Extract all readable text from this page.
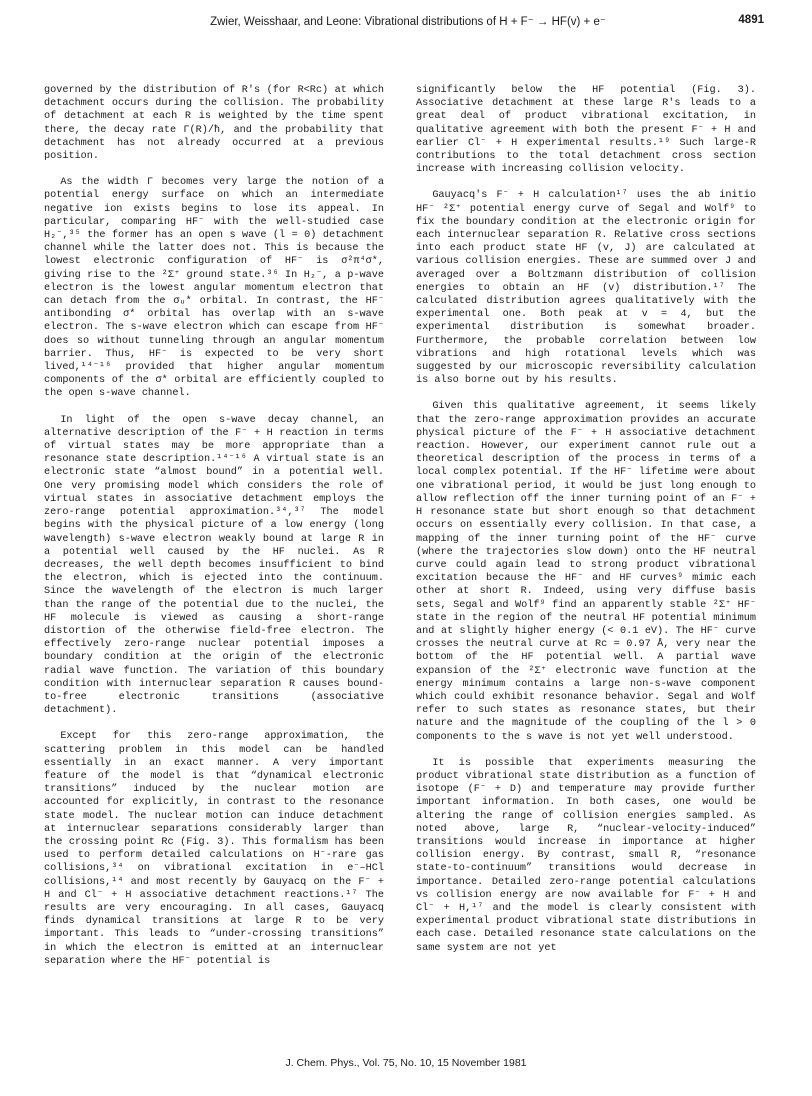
Zwier, Weisshaar, and Leone: Vibrational distributions of H + F⁻ → HF(v) + e⁻	4891

governed by the distribution of R's (for R<Rc) at which detachment occurs during the collision. The probability of detachment at each R is weighted by the time spent there, the decay rate Γ(R)/ħ, and the probability that detachment has not already occurred at a previous position.

As the width Γ becomes very large the notion of a potential energy surface on which an intermediate negative ion exists begins to lose its appeal. In particular, comparing HF⁻ with the well-studied case H₂⁻,³⁵ the former has an open s wave (l = 0) detachment channel while the latter does not. This is because the lowest electronic configuration of HF⁻ is σ²π⁴σ*, giving rise to the ²Σ⁺ ground state.³⁶ In H₂⁻, a p-wave electron is the lowest angular momentum electron that can detach from the σᵤ* orbital. In contrast, the HF⁻ antibonding σ* orbital has overlap with an s-wave electron. The s-wave electron which can escape from HF⁻ does so without tunneling through an angular momentum barrier. Thus, HF⁻ is expected to be very short lived,¹⁴⁻¹⁶ provided that higher angular momentum components of the σ* orbital are efficiently coupled to the open s-wave channel.

In light of the open s-wave decay channel, an alternative description of the F⁻ + H reaction in terms of virtual states may be more appropriate than a resonance state description.¹⁴⁻¹⁶ A virtual state is an electronic state “almost bound” in a potential well. One very promising model which considers the role of virtual states in associative detachment employs the zero-range potential approximation.³⁴,³⁷ The model begins with the physical picture of a low energy (long wavelength) s-wave electron weakly bound at large R in a potential well caused by the HF nuclei. As R decreases, the well depth becomes insufficient to bind the electron, which is ejected into the continuum. Since the wavelength of the electron is much larger than the range of the potential due to the nuclei, the HF molecule is viewed as causing a short-range distortion of the otherwise field-free electron. The effectively zero-range nuclear potential imposes a boundary condition at the origin of the electronic radial wave function. The variation of this boundary condition with internuclear separation R causes bound-to-free electronic transitions (associative detachment).

Except for this zero-range approximation, the scattering problem in this model can be handled essentially in an exact manner. A very important feature of the model is that “dynamical electronic transitions” induced by the nuclear motion are accounted for explicitly, in contrast to the resonance state model. The nuclear motion can induce detachment at internuclear separations considerably larger than the crossing point Rc (Fig. 3). This formalism has been used to perform detailed calculations on H⁻-rare gas collisions,³⁴ on vibrational excitation in e⁻–HCl collisions,¹⁴ and most recently by Gauyacq on the F⁻ + H and Cl⁻ + H associative detachment reactions.¹⁷ The results are very encouraging. In all cases, Gauyacq finds dynamical transitions at large R to be very important. This leads to “under-crossing transitions” in which the electron is emitted at an internuclear separation where the HF⁻ potential is

significantly below the HF potential (Fig. 3). Associative detachment at these large R's leads to a great deal of product vibrational excitation, in qualitative agreement with both the present F⁻ + H and earlier Cl⁻ + H experimental results.¹⁹ Such large-R contributions to the total detachment cross section increase with increasing collision velocity.

Gauyacq's F⁻ + H calculation¹⁷ uses the ab initio HF⁻ ²Σ⁺ potential energy curve of Segal and Wolf⁹ to fix the boundary condition at the electronic origin for each internuclear separation R. Relative cross sections into each product state HF (v, J) are calculated at various collision energies. These are summed over J and averaged over a Boltzmann distribution of collision energies to obtain an HF (v) distribution.¹⁷ The calculated distribution agrees qualitatively with the experimental one. Both peak at v = 4, but the experimental distribution is somewhat broader. Furthermore, the probable correlation between low vibrations and high rotational levels which was suggested by our microscopic reversibility calculation is also borne out by his results.

Given this qualitative agreement, it seems likely that the zero-range approximation provides an accurate physical picture of the F⁻ + H associative detachment reaction. However, our experiment cannot rule out a theoretical description of the process in terms of a local complex potential. If the HF⁻ lifetime were about one vibrational period, it would be just long enough to allow reflection off the inner turning point of an F⁻ + H resonance state but short enough so that detachment occurs on essentially every collision. In that case, a mapping of the inner turning point of the HF⁻ curve (where the trajectories slow down) onto the HF neutral curve could again lead to strong product vibrational excitation because the HF⁻ and HF curves⁹ mimic each other at short R. Indeed, using very diffuse basis sets, Segal and Wolf⁹ find an apparently stable ²Σ⁺ HF⁻ state in the region of the neutral HF potential minimum and at slightly higher energy (< 0.1 eV). The HF⁻ curve crosses the neutral curve at Rc = 0.97 Å, very near the bottom of the HF potential well. A partial wave expansion of the ²Σ⁺ electronic wave function at the energy minimum contains a large non-s-wave component which could exhibit resonance behavior. Segal and Wolf refer to such states as resonance states, but their nature and the magnitude of the coupling of the l > 0 components to the s wave is not yet well understood.

It is possible that experiments measuring the product vibrational state distribution as a function of isotope (F⁻ + D) and temperature may provide further important information. In both cases, one would be altering the range of collision energies sampled. As noted above, large R, “nuclear-velocity-induced” transitions would increase in importance at higher collision energy. By contrast, small R, “resonance state-to-continuum” transitions would decrease in importance. Detailed zero-range potential calculations vs collision energy are now available for F⁻ + H and Cl⁻ + H,¹⁷ and the model is clearly consistent with experimental product vibrational state distributions in each case. Detailed resonance state calculations on the same system are not yet

J. Chem. Phys., Vol. 75, No. 10, 15 November 1981
